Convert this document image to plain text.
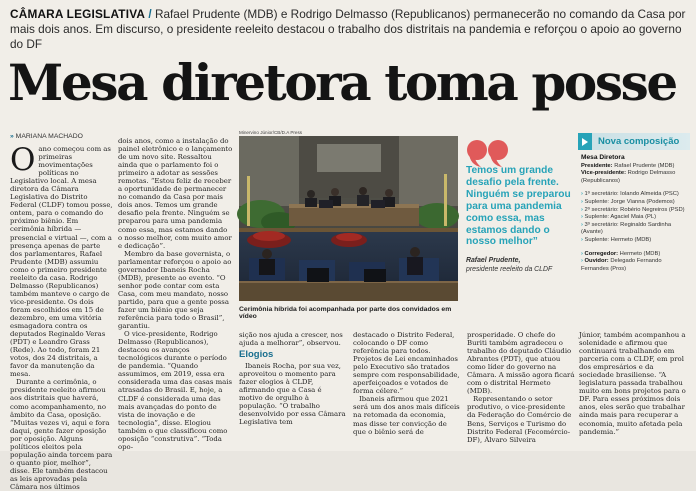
CÂMARA LEGISLATIVA / Rafael Prudente (MDB) e Rodrigo Delmasso (Republicanos) permanecerão no comando da Casa por mais dois anos. Em discurso, o presidente reeleito destacou o trabalho dos distritais na pandemia e reforçou o apoio ao governo do DF
Mesa diretora toma posse
» MARIANA MACHADO

Oano começou com as primeiras movimentações políticas no Legislativo local. A mesa diretora da Câmara Legislativa do Distrito Federal (CLDF) tomou posse, ontem, para o comando do próximo biênio. Em cerimônia híbrida — presencial e virtual —, com a presença apenas de parte dos parlamentares, Rafael Prudente (MDB) assumiu como o primeiro presidente reeleito da casa. Rodrigo Delmasso (Republicanos) também manteve o cargo de vice-presidente. Os dois foram escolhidos em 15 de dezembro, em uma vitória esmagadora contra os deputados Reginaldo Veras (PDT) e Leandro Grass (Rede). Ao todo, foram 21 votos, dos 24 distritais, a favor da manutenção da mesa.

Durante a cerimônia, o presidente reeleito afirmou aos distritais que haverá, como acompanhamento, no âmbito da Casa, oposição. “Muitas vezes vi, aqui e fora daqui, gente fazer oposição por oposição. Alguns políticos eleitos pela população ainda torcem para o quanto pior, melhor”, disse. Ele também destacou as leis aprovadas pela Câmara nos últimos

dois anos, como a instalação do painel eletrônico e o lançamento de um novo site. Ressaltou ainda que o parlamento foi o primeiro a adotar as sessões remotas. “Estou feliz de receber a oportunidade de permanecer no comando da Casa por mais dois anos. Temos um grande desafio pela frente. Ninguém se preparou para uma pandemia como essa, mas estamos dando o nosso melhor, com muito amor e dedicação”.

Membro da base governista, o parlamentar reforçou o apoio ao governador Ibaneis Rocha (MDB), presente ao evento. “O senhor pode contar com esta Casa, com meu mandato, nosso partido, para que a gente possa fazer um biênio que seja referência para todo o Brasil”, garantiu.

O vice-presidente, Rodrigo Delmasso (Republicanos), destacou os avanços tecnológicos durante o período de pandemia. “Quando assumimos, em 2019, essa era considerada uma das casas mais atrasadas do Brasil. E, hoje, a CLDF é considerada uma das mais avançadas do ponto de vista de inovação e de tecnologia”, disse. Elogiou também o que classificou como oposição “construtiva”. “Toda opo-

Minervino Júnior/CB/D.A Press
Cerimônia híbrida foi acompanhada por parte dos convidados em vídeo
Temos um grande desafio pela frente. Ninguém se preparou para uma pandemia como essa, mas estamos dando o nosso melhor”
Rafael Prudente,
presidente reeleito da CLDF
Nova composição
Mesa Diretora
Presidente: Rafael Prudente (MDB)
Vice-presidente: Rodrigo Delmasso (Republicanos)
› 1º secretário: Iolando Almeida (PSC)
› Suplente: Jorge Vianna (Podemos)
› 2º secretário: Robério Negreiros (PSD)
› Suplente: Agaciel Maia (PL)
› 3º secretário: Reginaldo Sardinha (Avante)
› Suplente: Hermeto (MDB)
› Corregedor: Hermeto (MDB)
› Ouvidor: Delegado Fernando Fernandes (Pros)

sição nos ajuda a crescer, nos ajuda a melhorar”, observou.

Elogios

Ibaneis Rocha, por sua vez, aproveitou o momento para fazer elogios à CLDF, afirmando que a Casa é motivo de orgulho à população. “O trabalho desenvolvido por essa Câmara Legislativa tem

destacado o Distrito Federal, colocando o DF como referência para todos. Projetos de Lei encaminhados pelo Executivo são tratados sempre com responsabilidade, aperfeiçoados e votados de forma célere.”

Ibaneis afirmou que 2021 será um dos anos mais difíceis na retomada da economia, mas disse ter convicção de que o biênio será de

prosperidade. O chefe do Buriti também agradeceu o trabalho do deputado Cláudio Abrantes (PDT), que atuou como líder do governo na Câmara. A missão agora ficará com o distrital Hermeto (MDB).

Representando o setor produtivo, o vice-presidente da Federação do Comércio de Bens, Serviços e Turismo do Distrito Federal (Fecomércio-DF), Álvaro Silveira

Júnior, também acompanhou a solenidade e afirmou que continuará trabalhando em parceria com a CLDF, em prol dos empresários e da sociedade brasiliense. “A legislatura passada trabalhou muito em bons projetos para o DF. Para esses próximos dois anos, eles serão que trabalhar ainda mais para recuperar a economia, muito afetada pela pandemia.”
